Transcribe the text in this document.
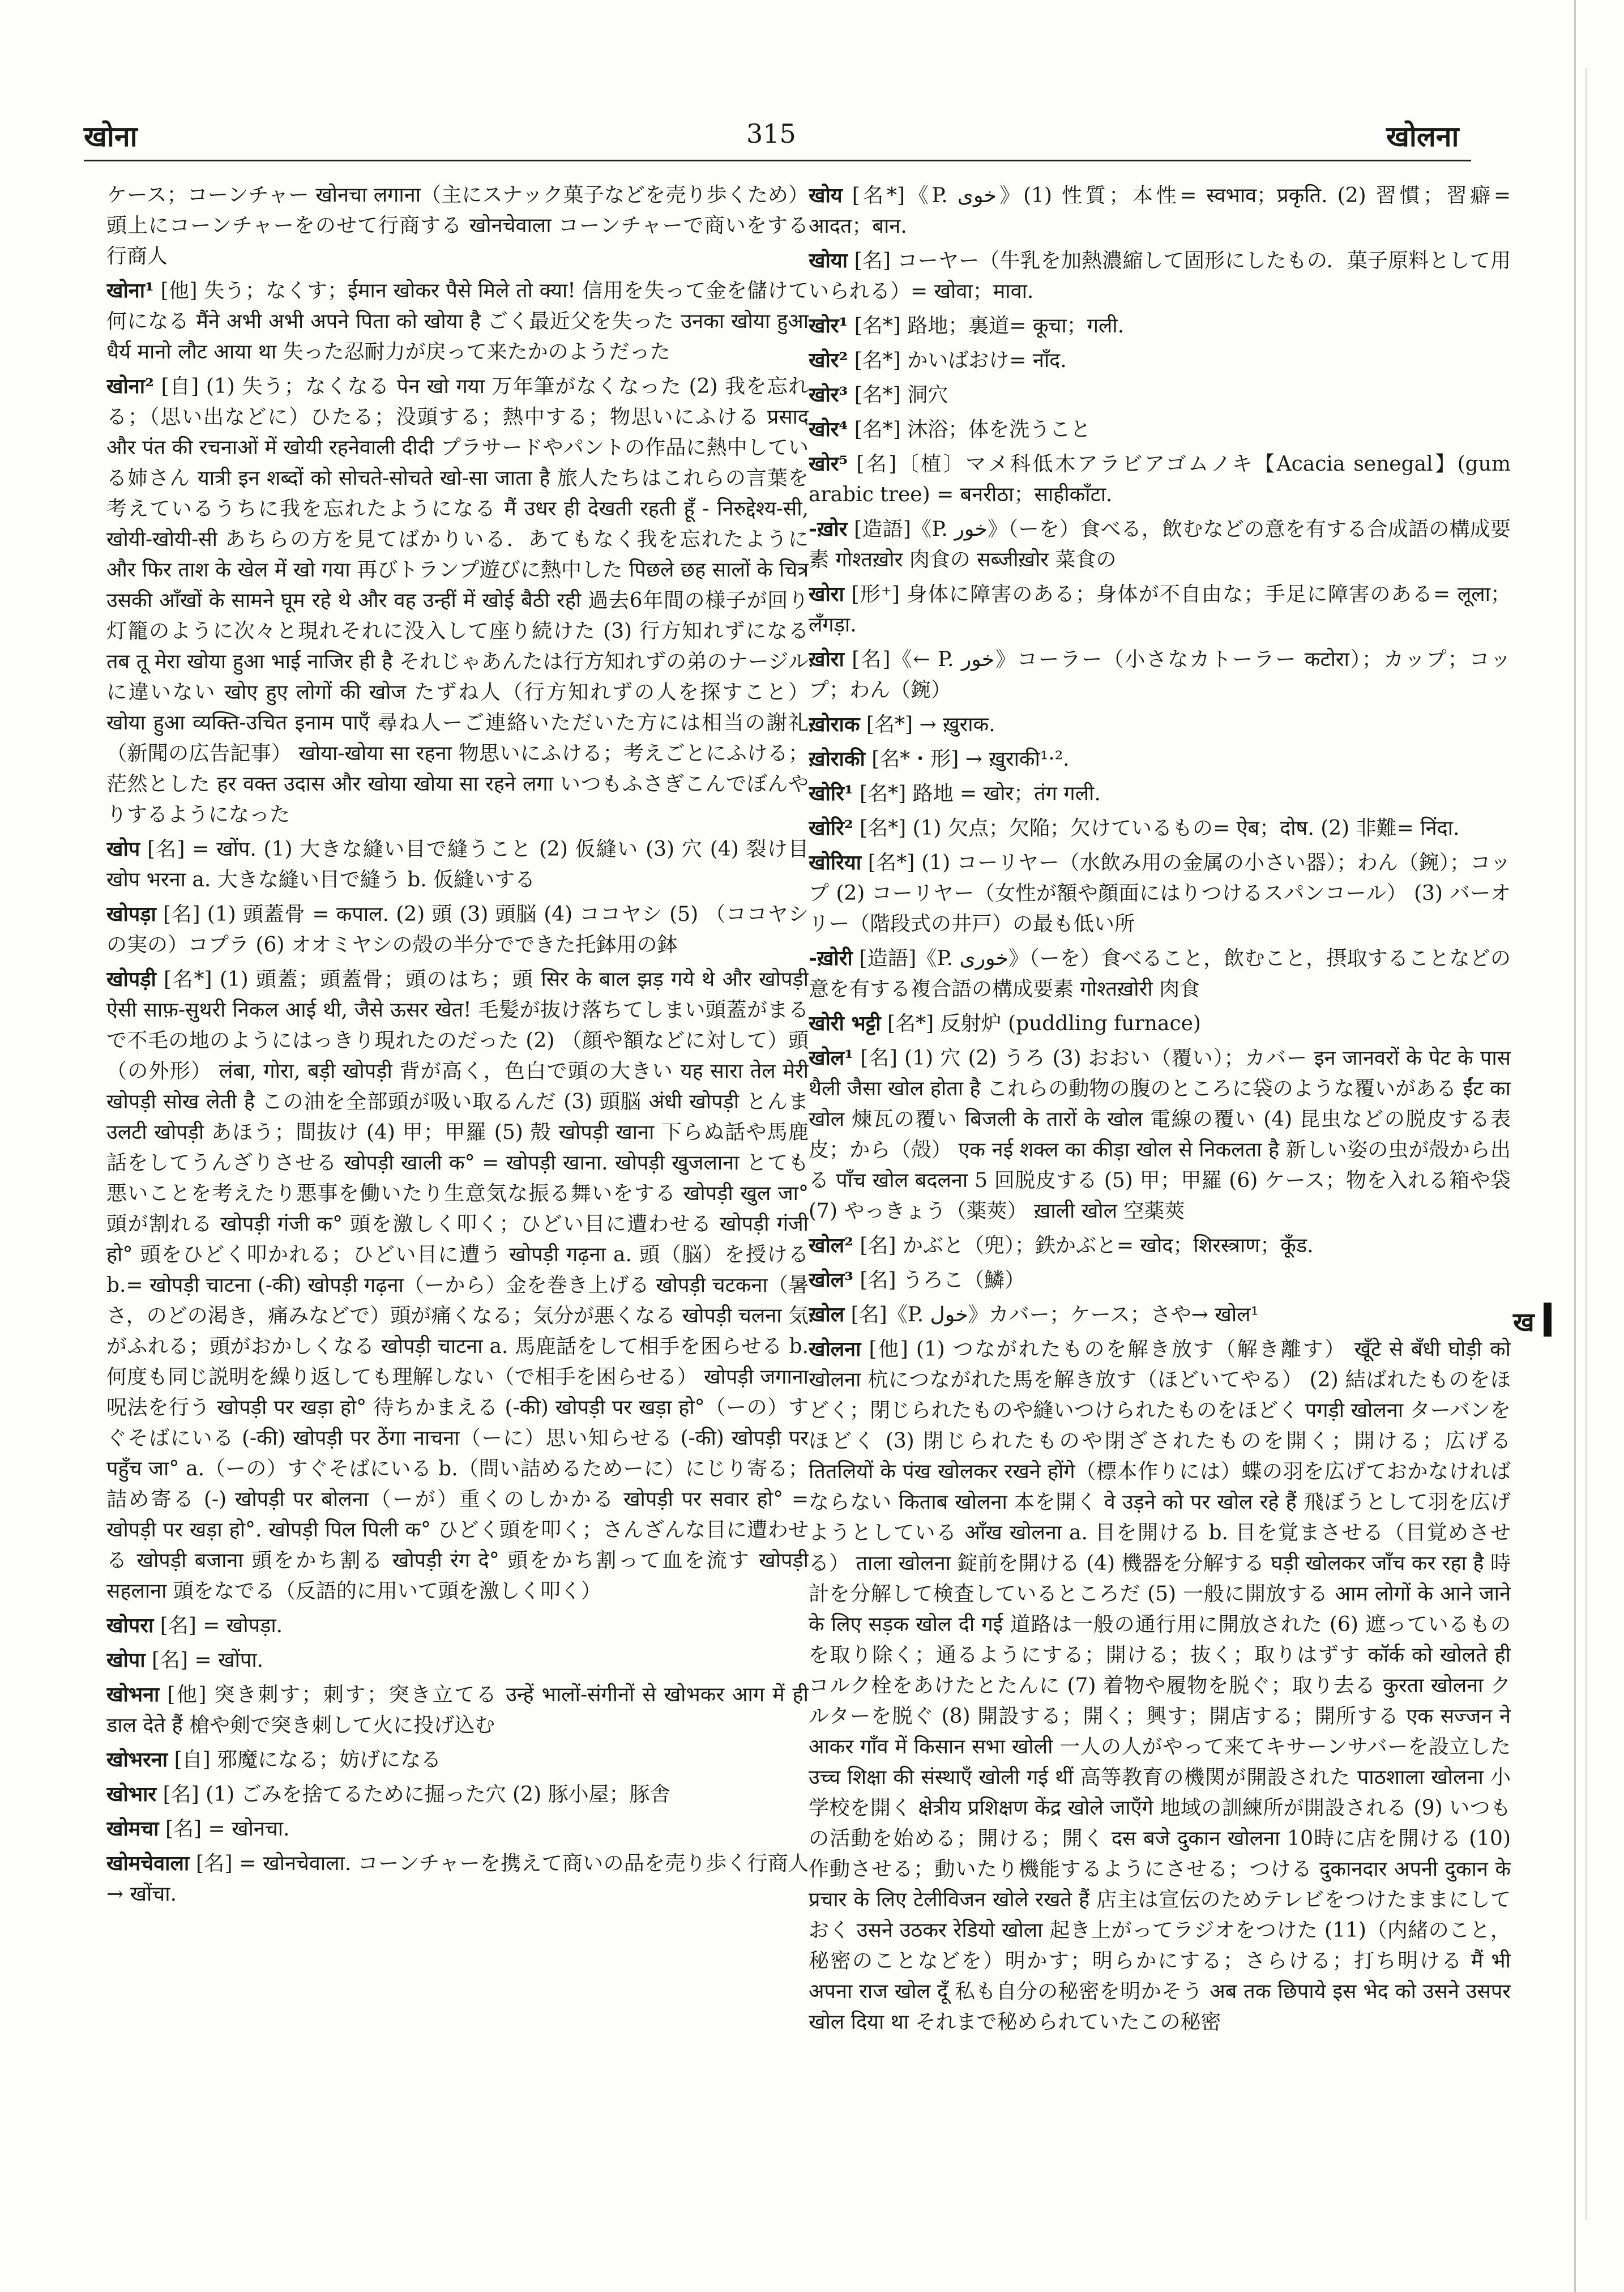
खोना	315	खोलना

ケース；コーンチャー खोनचा लगाना（主にスナック菓子などを売り歩くため）頭上にコーンチャーをのせて行商する खोनचेवाला コーンチャーで商いをする行商人

खोना¹ [他] 失う；なくす；ईमान खोकर पैसे मिले तो क्या! 信用を失って金を儲けて何になる मैंने अभी अभी अपने पिता को खोया है ごく最近父を失った उनका खोया हुआ धैर्य मानो लौट आया था 失った忍耐力が戻って来たかのようだった

खोना² [自] (1) 失う；なくなる पेन खो गया 万年筆がなくなった (2) 我を忘れる；（思い出などに）ひたる；没頭する；熱中する；物思いにふける प्रसाद और पंत की रचनाओं में खोयी रहनेवाली दीदी プラサードやパントの作品に熱中している姉さん यात्री इन शब्दों को सोचते-सोचते खो-सा जाता है 旅人たちはこれらの言葉を考えているうちに我を忘れたようになる मैं उधर ही देखती रहती हूँ - निरुद्देश्य-सी, खोयी-खोयी-सी あちらの方を見てばかりいる．あてもなく我を忘れたように और फिर ताश के खेल में खो गया 再びトランプ遊びに熱中した पिछले छह सालों के चित्र उसकी आँखों के सामने घूम रहे थे और वह उन्हीं में खोई बैठी रही 過去6年間の様子が回り灯籠のように次々と現れそれに没入して座り続けた (3) 行方知れずになる तब तू मेरा खोया हुआ भाई नाजिर ही है それじゃあんたは行方知れずの弟のナージルに違いない खोए हुए लोगों की खोज たずね人（行方知れずの人を探すこと） खोया हुआ व्यक्ति-उचित इनाम पाएँ 尋ね人ーご連絡いただいた方には相当の謝礼（新聞の広告記事） खोया-खोया सा रहना 物思いにふける；考えごとにふける；茫然とした हर वक्त उदास और खोया खोया सा रहने लगा いつもふさぎこんでぼんやりするようになった

खोप [名] = खोंप. (1) 大きな縫い目で縫うこと (2) 仮縫い (3) 穴 (4) 裂け目 खोप भरना a. 大きな縫い目で縫う b. 仮縫いする

खोपड़ा [名] (1) 頭蓋骨 = कपाल. (2) 頭 (3) 頭脳 (4) ココヤシ (5) （ココヤシの実の）コプラ (6) オオミヤシの殻の半分でできた托鉢用の鉢

खोपड़ी [名*] (1) 頭蓋；頭蓋骨；頭のはち；頭 सिर के बाल झड़ गये थे और खोपड़ी ऐसी साफ़-सुथरी निकल आई थी, जैसे ऊसर खेत! 毛髪が抜け落ちてしまい頭蓋がまるで不毛の地のようにはっきり現れたのだった (2) （顔や額などに対して）頭（の外形） लंबा, गोरा, बड़ी खोपड़ी 背が高く，色白で頭の大きい यह सारा तेल मेरी खोपड़ी सोख लेती है この油を全部頭が吸い取るんだ (3) 頭脳 अंधी खोपड़ी とんま उलटी खोपड़ी あほう；間抜け (4) 甲；甲羅 (5) 殻 खोपड़ी खाना 下らぬ話や馬鹿話をしてうんざりさせる खोपड़ी खाली क° = खोपड़ी खाना. खोपड़ी खुजलाना とても悪いことを考えたり悪事を働いたり生意気な振る舞いをする खोपड़ी खुल जा° 頭が割れる खोपड़ी गंजी क° 頭を激しく叩く；ひどい目に遭わせる खोपड़ी गंजी हो° 頭をひどく叩かれる；ひどい目に遭う खोपड़ी गढ़ना a. 頭（脳）を授ける b.= खोपड़ी चाटना (-की) खोपड़ी गढ़ना（ーから）金を巻き上げる खोपड़ी चटकना（暑さ，のどの渇き，痛みなどで）頭が痛くなる；気分が悪くなる खोपड़ी चलना 気がふれる；頭がおかしくなる खोपड़ी चाटना a. 馬鹿話をして相手を困らせる b. 何度も同じ説明を繰り返しても理解しない（で相手を困らせる） खोपड़ी जगाना 呪法を行う खोपड़ी पर खड़ा हो° 待ちかまえる (-की) खोपड़ी पर खड़ा हो°（ーの）すぐそばにいる (-की) खोपड़ी पर ठेंगा नाचना（ーに）思い知らせる (-की) खोपड़ी पर पहुँच जा° a.（ーの）すぐそばにいる b.（問い詰めるためーに）にじり寄る；詰め寄る (-) खोपड़ी पर बोलना（ーが）重くのしかかる खोपड़ी पर सवार हो° = खोपड़ी पर खड़ा हो°. खोपड़ी पिल पिली क° ひどく頭を叩く；さんざんな目に遭わせる खोपड़ी बजाना 頭をかち割る खोपड़ी रंग दे° 頭をかち割って血を流す खोपड़ी सहलाना 頭をなでる（反語的に用いて頭を激しく叩く）

खोपरा [名] = खोपड़ा.

खोपा [名] = खोंपा.

खोभना [他] 突き刺す；刺す；突き立てる उन्हें भालों-संगीनों से खोभकर आग में ही डाल देते हैं 槍や剣で突き刺して火に投げ込む

खोभरना [自] 邪魔になる；妨げになる

खोभार [名] (1) ごみを捨てるために掘った穴 (2) 豚小屋；豚舎

खोमचा [名] = खोनचा.

खोमचेवाला [名] = खोनचेवाला. コーンチャーを携えて商いの品を売り歩く行商人→ खोंचा.

खोय [名*]《P. خوی》(1) 性質；本性= स्वभाव；प्रकृति. (2) 習慣；習癖= आदत；बान.

खोया [名] コーヤー（牛乳を加熱濃縮して固形にしたもの．菓子原料として用いられる）= खोवा；मावा.

खोर¹ [名*] 路地；裏道= कूचा；गली.

खोर² [名*] かいばおけ= नाँद.

खोर³ [名*] 洞穴

खोर⁴ [名*] 沐浴；体を洗うこと

खोर⁵ [名]〔植〕マメ科低木アラビアゴムノキ【Acacia senegal】(gum arabic tree) = बनरीठा；साहीकाँटा.

-ख़ोर [造語]《P. خور》（ーを）食べる，飲むなどの意を有する合成語の構成要素 गोश्तख़ोर 肉食の सब्जीख़ोर 菜食の

खोरा [形⁺] 身体に障害のある；身体が不自由な；手足に障害のある= लूला；लँगड़ा.

ख़ोरा [名]《← P. خور》コーラー（小さなカトーラー कटोरा）；カップ；コップ；わん（鋺）

ख़ोराक [名*] → ख़ुराक.

ख़ोराकी [名*・形] → ख़ुराकी¹·².

खोरि¹ [名*] 路地 = खोर；तंग गली.

खोरि² [名*] (1) 欠点；欠陥；欠けているもの= ऐब；दोष. (2) 非難= निंदा.

खोरिया [名*] (1) コーリヤー（水飲み用の金属の小さい器）；わん（鋺）；コップ (2) コーリヤー（女性が額や顔面にはりつけるスパンコール） (3) バーオリー（階段式の井戸）の最も低い所

-ख़ोरी [造語]《P. خوری》（ーを）食べること，飲むこと，摂取することなどの意を有する複合語の構成要素 गोश्तख़ोरी 肉食

खोरी भट्टी [名*] 反射炉 (puddling furnace)

खोल¹ [名] (1) 穴 (2) うろ (3) おおい（覆い）；カバー इन जानवरों के पेट के पास थैली जैसा खोल होता है これらの動物の腹のところに袋のような覆いがある ईंट का खोल 煉瓦の覆い बिजली के तारों के खोल 電線の覆い (4) 昆虫などの脱皮する表皮；から（殻） एक नई शक्ल का कीड़ा खोल से निकलता है 新しい姿の虫が殻から出る पाँच खोल बदलना 5 回脱皮する (5) 甲；甲羅 (6) ケース；物を入れる箱や袋 (7) やっきょう（薬莢） ख़ाली खोल 空薬莢

खोल² [名] かぶと（兜）；鉄かぶと= खोद；शिरस्त्राण；कूँड.

खोल³ [名] うろこ（鱗）

ख़ोल [名]《P. خول》カバー；ケース；さや→ खोल¹

खोलना [他] (1) つながれたものを解き放す（解き離す） खूँटे से बँधी घोड़ी को खोलना 杭につながれた馬を解き放す（ほどいてやる） (2) 結ばれたものをほどく；閉じられたものや縫いつけられたものをほどく पगड़ी खोलना ターバンをほどく (3) 閉じられたものや閉ざされたものを開く；開ける；広げる तितलियों के पंख खोलकर रखने होंगे（標本作りには）蝶の羽を広げておかなければならない किताब खोलना 本を開く वे उड़ने को पर खोल रहे हैं 飛ぼうとして羽を広げようとしている आँख खोलना a. 目を開ける b. 目を覚まさせる（目覚めさせる） ताला खोलना 錠前を開ける (4) 機器を分解する घड़ी खोलकर जाँच कर रहा है 時計を分解して検査しているところだ (5) 一般に開放する आम लोगों के आने जाने के लिए सड़क खोल दी गई 道路は一般の通行用に開放された (6) 遮っているものを取り除く；通るようにする；開ける；抜く；取りはずす कॉर्क को खोलते ही コルク栓をあけたとたんに (7) 着物や履物を脱ぐ；取り去る कुरता खोलना クルターを脱ぐ (8) 開設する；開く；興す；開店する；開所する एक सज्जन ने आकर गाँव में किसान सभा खोली 一人の人がやって来てキサーンサバーを設立した उच्च शिक्षा की संस्थाएँ खोली गई थीं 高等教育の機関が開設された पाठशाला खोलना 小学校を開く क्षेत्रीय प्रशिक्षण केंद्र खोले जाएँगे 地域の訓練所が開設される (9) いつもの活動を始める；開ける；開く दस बजे दुकान खोलना 10時に店を開ける (10) 作動させる；動いたり機能するようにさせる；つける दुकानदार अपनी दुकान के प्रचार के लिए टेलीविजन खोले रखते हैं 店主は宣伝のためテレビをつけたままにしておく उसने उठकर रेडियो खोला 起き上がってラジオをつけた (11)（内緒のこと，秘密のことなどを）明かす；明らかにする；さらける；打ち明ける मैं भी अपना राज खोल दूँ 私も自分の秘密を明かそう अब तक छिपाये इस भेद को उसने उसपर खोल दिया था それまで秘められていたこの秘密

ख
